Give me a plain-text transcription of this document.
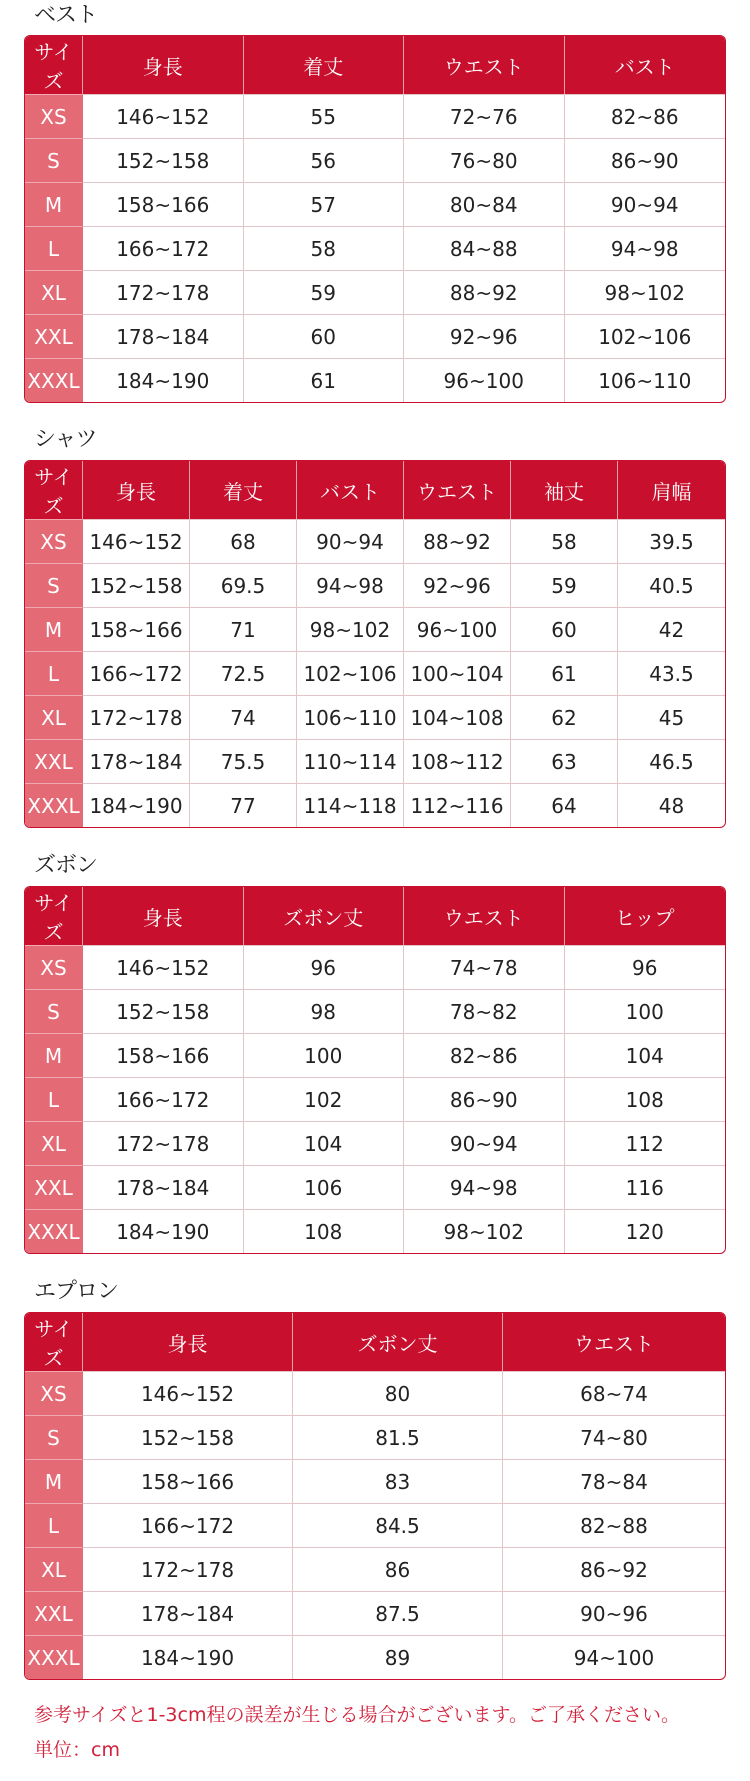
ベスト
サイズ	身長	着丈	ウエスト	バスト
XS	146~152	55	72~76	82~86
S	152~158	56	76~80	86~90
M	158~166	57	80~84	90~94
L	166~172	58	84~88	94~98
XL	172~178	59	88~92	98~102
XXL	178~184	60	92~96	102~106
XXXL	184~190	61	96~100	106~110
シャツ
サイズ	身長	着丈	バスト	ウエスト	袖丈	肩幅
XS	146~152	68	90~94	88~92	58	39.5
S	152~158	69.5	94~98	92~96	59	40.5
M	158~166	71	98~102	96~100	60	42
L	166~172	72.5	102~106	100~104	61	43.5
XL	172~178	74	106~110	104~108	62	45
XXL	178~184	75.5	110~114	108~112	63	46.5
XXXL	184~190	77	114~118	112~116	64	48
ズボン
サイズ	身長	ズボン丈	ウエスト	ヒップ
XS	146~152	96	74~78	96
S	152~158	98	78~82	100
M	158~166	100	82~86	104
L	166~172	102	86~90	108
XL	172~178	104	90~94	112
XXL	178~184	106	94~98	116
XXXL	184~190	108	98~102	120
エプロン
サイズ	身長	ズボン丈	ウエスト
XS	146~152	80	68~74
S	152~158	81.5	74~80
M	158~166	83	78~84
L	166~172	84.5	82~88
XL	172~178	86	86~92
XXL	178~184	87.5	90~96
XXXL	184~190	89	94~100
参考サイズと1-3cm程の誤差が生じる場合がございます。ご了承ください。
単位：cm
